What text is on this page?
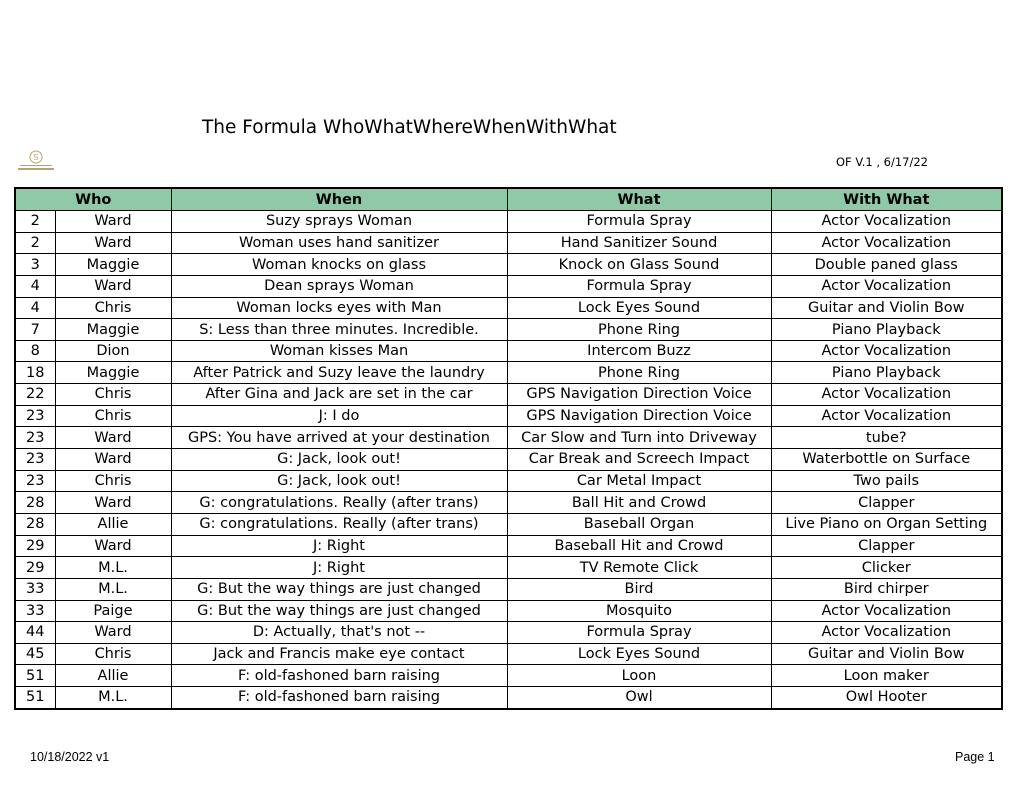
The Formula WhoWhatWhereWhenWithWhat
S	OF V.1 , 6/17/22
Who		When	What	With What
2	Ward	Suzy sprays Woman	Formula Spray	Actor Vocalization
2	Ward	Woman uses hand sanitizer	Hand Sanitizer Sound	Actor Vocalization
3	Maggie	Woman knocks on glass	Knock on Glass Sound	Double paned glass
4	Ward	Dean sprays Woman	Formula Spray	Actor Vocalization
4	Chris	Woman locks eyes with Man	Lock Eyes Sound	Guitar and Violin Bow
7	Maggie	S: Less than three minutes. Incredible.	Phone Ring	Piano Playback
8	Dion	Woman kisses Man	Intercom Buzz	Actor Vocalization
18	Maggie	After Patrick and Suzy leave the laundry	Phone Ring	Piano Playback
22	Chris	After Gina and Jack are set in the car	GPS Navigation Direction Voice	Actor Vocalization
23	Chris	J: I do	GPS Navigation Direction Voice	Actor Vocalization
23	Ward	GPS: You have arrived at your destination	Car Slow and Turn into Driveway	tube?
23	Ward	G: Jack, look out!	Car Break and Screech Impact	Waterbottle on Surface
23	Chris	G: Jack, look out!	Car Metal Impact	Two pails
28	Ward	G: congratulations. Really (after trans)	Ball Hit and Crowd	Clapper
28	Allie	G: congratulations. Really (after trans)	Baseball Organ	Live Piano on Organ Setting
29	Ward	J: Right	Baseball Hit and Crowd	Clapper
29	M.L.	J: Right	TV Remote Click	Clicker
33	M.L.	G: But the way things are just changed	Bird	Bird chirper
33	Paige	G: But the way things are just changed	Mosquito	Actor Vocalization
44	Ward	D: Actually, that's not --	Formula Spray	Actor Vocalization
45	Chris	Jack and Francis make eye contact	Lock Eyes Sound	Guitar and Violin Bow
51	Allie	F: old-fashoned barn raising	Loon	Loon maker
51	M.L.	F: old-fashoned barn raising	Owl	Owl Hooter
10/18/2022 v1	Page 1
